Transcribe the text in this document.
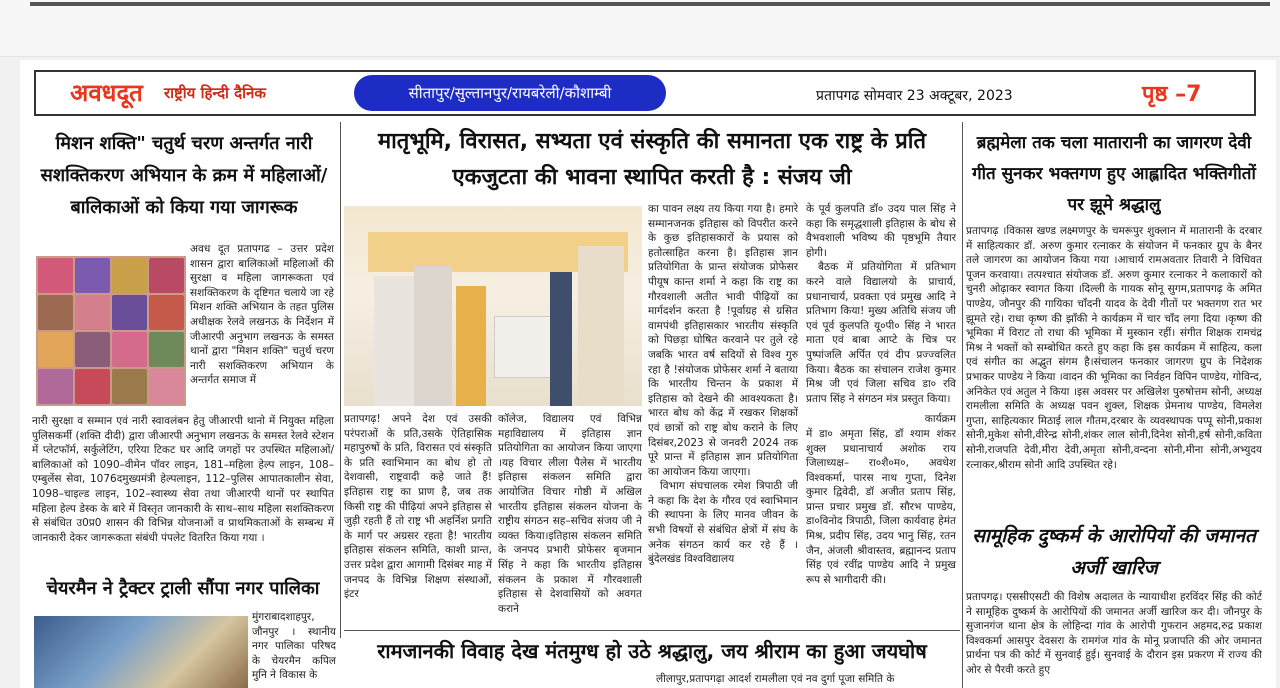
अवधदूत राष्ट्रीय हिन्दी दैनिक	सीतापुर/सुल्तानपुर/रायबरेली/कौशाम्बी	प्रतापगढ सोमवार 23 अक्टूबर, 2023	पृष्ठ –7
मिशन शक्ति" चतुर्थ चरण अन्तर्गत नारी सशक्तिकरण अभियान के क्रम में महिलाओं/बालिकाओं को किया गया जागरूक

अवध दूत प्रतापगढ – उत्तर प्रदेश शासन द्वारा बालिकाओं महिलाओं की सुरक्षा व महिला जागरूकता एवं सशक्तिकरण के दृष्टिगत चलाये जा रहे मिशन शक्ति अभियान के तहत पुलिस अधीक्षक रेलवे लखनऊ के निर्देशन में जीआरपी अनुभाग लखनऊ के समस्त थानों द्वारा "मिशन शक्ति" चतुर्थ चरण नारी सशक्तिकरण अभियान के अन्तर्गत समाज में

नारी सुरक्षा व सम्मान एवं नारी स्वावलंबन हेतु जीआरपी थानो में नियुक्त महिला पुलिसकर्मी (शक्ति दीदी) द्वारा जीआरपी अनुभाग लखनऊ के समस्त रेलवे स्टेशन में प्लेटफॉर्म, सर्कुलेटिंग, एरिया टिकट घर आदि जगहों पर उपस्थित महिलाओं/बालिकाओं को 1090–वीमेन पॉवर लाइन, 181–महिला हेल्प लाइन, 108–एम्बुलेंस सेवा, 1076दमुख्यमंत्री हेल्पलाइन, 112–पुलिस आपातकालीन सेवा, 1098–चाइल्ड लाइन, 102–स्वास्थ्य सेवा तथा जीआरपी थानों पर स्थापित महिला हेल्प डेस्क के बारे में विस्तृत जानकारी के साथ–साथ महिला सशक्तिकरण से संबंधित उ0प्र0 शासन की विभिन्न योजनाओं व प्राथमिकताओं के सम्बन्ध में जानकारी देकर जागरूकता संबंधी पंपलेट वितरित किया गया ।

चेयरमैन ने ट्रैक्टर ट्राली सौंपा नगर पालिका

मुंगराबादशाहपुर, जौनपुर । स्थानीय नगर पालिका परिषद के चेयरमैन कपिल मुनि ने विकास के

मातृभूमि, विरासत, सभ्यता एवं संस्कृति की समानता एक राष्ट्र के प्रति एकजुटता की भावना स्थापित करती है : संजय जी

प्रतापगढ़! अपने देश एवं उसकी परंपराओं के प्रति,उसके ऐतिहासिक महापुरुषों के प्रति, विरासत एवं संस्कृति के प्रति स्वाभिमान का बोध हो तो देशवासी, राष्ट्रवादी कहे जाते हैं! इतिहास राष्ट्र का प्राण है, जब तक किसी राष्ट्र की पीढ़ियां अपने इतिहास से जुड़ी रहती हैं तो राष्ट्र भी अहर्निश प्रगति के मार्ग पर अग्रसर रहता है! भारतीय इतिहास संकलन समिति, काशी प्रान्त, उत्तर प्रदेश द्वारा आगामी दिसंबर माह में जनपद के विभिन्न शिक्षण संस्थाओं, इंटर

कॉलेज, विद्यालय एवं विभिन्न महाविद्यालय में इतिहास ज्ञान प्रतियोगिता का आयोजन किया जाएगा ।यह विचार लीला पैलेस में भारतीय इतिहास संकलन समिति द्वारा आयोजित विचार गोष्ठी में अखिल भारतीय इतिहास संकलन योजना के राष्ट्रीय संगठन सह–सचिव संजय जी ने व्यक्त किया।इतिहास संकलन समिति के जनपद प्रभारी प्रोफेसर बृजमान सिंह ने कहा कि भारतीय इतिहास संकलन के प्रकाश में गौरवशाली इतिहास से देशवासियों को अवगत कराने

का पावन लक्ष्य तय किया गया है। हमारे सम्मानजनक इतिहास को विपरीत करने के कुछ इतिहासकारों के प्रयास को हतोत्साहित करना है। इतिहास ज्ञान प्रतियोगिता के प्रान्त संयोजक प्रोफेसर पीयूष कान्त शर्मा ने कहा कि राष्ट्र का गौरवशाली अतीत भावी पीढ़ियों का मार्गदर्शन करता है !पूर्वाग्रह से ग्रसित वामपंथी इतिहासकार भारतीय संस्कृति को पिछड़ा घोषित करवाने पर तुले रहे जबकि भारत वर्ष सदियों से विश्व गुरु रहा है !संयोजक प्रोफेसर शर्मा ने बताया कि भारतीय चिन्तन के प्रकाश में इतिहास को देखने की आवश्यकता है। भारत बोध को केंद्र में रखकर शिक्षकों एवं छात्रों को राष्ट्र बोध कराने के लिए दिसंबर,2023 से जनवरी 2024 तक पूरे प्रान्त में इतिहास ज्ञान प्रतियोगिता का आयोजन किया जाएगा।

विभाग संघचालक रमेश त्रिपाठी जी ने कहा कि देश के गौरव एवं स्वाभिमान की स्थापना के लिए मानव जीवन के सभी विषयों से संबंधित क्षेत्रों में संघ के अनेक संगठन कार्य कर रहे हैं । बुंदेलखंड विश्वविद्यालय

के पूर्व कुलपति डॉ० उदय पाल सिंह ने कहा कि समृद्धशाली इतिहास के बोध से वैभवशाली भविष्य की पृष्ठभूमि तैयार होगी।

बैठक में प्रतियोगिता में प्रतिभाग करने वाले विद्यालयो के प्राचार्य, प्रधानाचार्य, प्रवक्ता एवं प्रमुख आदि ने प्रतिभाग किया! मुख्य अतिथि संजय जी एवं पूर्व कुलपति यू०पी० सिंह ने भारत माता एवं बाबा आप्टे के चित्र पर पुष्पांजलि अर्पित एवं दीप प्रज्ज्वलित किया। बैठक का संचालन राजेश कुमार मिश्र जी एवं जिला सचिव डा० रवि प्रताप सिंह ने संगठन मंत्र प्रस्तुत किया।

कार्यक्रम

में डा० अमृता सिंह, डॉ श्याम शंकर शुक्ल प्रधानाचार्य अशोक राय जिलाध्यक्ष– रा०शै०म०, अवधेश विश्वकर्मा, पारस नाथ गुप्ता, दिनेश कुमार द्विवेदी, डॉ अजीत प्रताप सिंह, प्रान्त प्रचार प्रमुख डॉ. सौरभ पाण्डेय, डा०विनोद त्रिपाठी, जिला कार्यवाह हेमंत मिश्र, प्रदीप सिंह, उदय भानु सिंह, रतन जैन, अंजली श्रीवास्तव, ब्रह्मानन्द प्रताप सिंह एवं रवींद्र पाण्डेय आदि ने प्रमुख रूप से भागीदारी की।

रामजानकी विवाह देख मंतमुग्ध हो उठे श्रद्धालु, जय श्रीराम का हुआ जयघोष

लीलापुर,प्रतापगढ़ा आदर्श रामलीला एवं नव दुर्गा पूजा समिति के

ब्रह्ममेला तक चला मातारानी का जागरण देवी गीत सुनकर भक्तगण हुए आह्लादित भक्तिगीतों पर झूमे श्रद्धालु

प्रतापगढ़ ।विकास खण्ड लक्ष्मणपुर के चमरूपुर शुक्लान में मातारानी के दरबार में साहित्यकार डॉ. अरुण कुमार रत्नाकर के संयोजन में फनकार ग्रुप के बैनर तले जागरण का आयोजन किया गया ।आचार्य रामअवतार तिवारी ने विधिवत पूजन करवाया। तत्पश्चात संयोजक डॉ. अरुण कुमार रत्नाकर ने कलाकारों को चुनरी ओढ़ाकर स्वागत किया ।दिल्ली के गायक सोनू सुगम,प्रतापगढ़ के अमित पाण्डेय, जौनपुर की गायिका चाँदनी यादव के देवी गीतों पर भक्तगण रात भर झूमते रहे। राधा कृष्ण की झाँकी ने कार्यक्रम में चार चाँद लगा दिया ।कृष्ण की भूमिका में विराट तो राधा की भूमिका में मुस्कान रहीं। संगीत शिक्षक रामचंद्र मिश्र ने भक्तों को सम्बोधित करते हुए कहा कि इस कार्यक्रम में साहित्य, कला एवं संगीत का अद्भुत संगम है।संचालन फनकार जागरण ग्रुप के निदेशक प्रभाकर पाण्डेय ने किया ।वादन की भूमिका का निर्वहन विपिन पाण्डेय, गोविन्द, अनिकेत एवं अतुल ने किया ।इस अवसर पर अखिलेश पुरुषोत्तम सोनी, अध्यक्ष रामलीला समिति के अध्यक्ष पवन शुक्ल, शिक्षक प्रेमनाथ पाण्डेय, विमलेश गुप्ता, साहित्यकार मिठाई लाल गौतम,दरबार के व्यवस्थापक पप्पू सोनी,प्रकाश सोनी,मुकेश सोनी,वीरेन्द्र सोनी,शंकर लाल सोनी,दिनेश सोनी,हर्ष सोनी,कविता सोनी,राजपति देवी,मीरा देवी,अमृता सोनी,वन्दना सोनी,मीना सोनी,अभ्युदय रत्नाकर,श्रीराम सोनी आदि उपस्थित रहे।

सामूहिक दुष्कर्म के आरोपियों की जमानत अर्जी खारिज

प्रतापगढ़। एससीएसटी की विशेष अदालत के न्यायाधीश हरविंदर सिंह की कोर्ट ने सामूहिक दुष्कर्म के आरोपियों की जमानत अर्जी खारिज कर दी। जौनपुर के सुजानगंज थाना क्षेत्र के लोहिन्दा गांव के आरोपी गुफरान अहमद,रुद्र प्रकाश विश्वकर्मा आसपुर देवसरा के रामगंज गांव के मोनू प्रजापति की ओर जमानत प्रार्थना पत्र की कोर्ट में सुनवाई हुई। सुनवाई के दौरान इस प्रकरण में राज्य की ओर से पैरवी करते हुए
